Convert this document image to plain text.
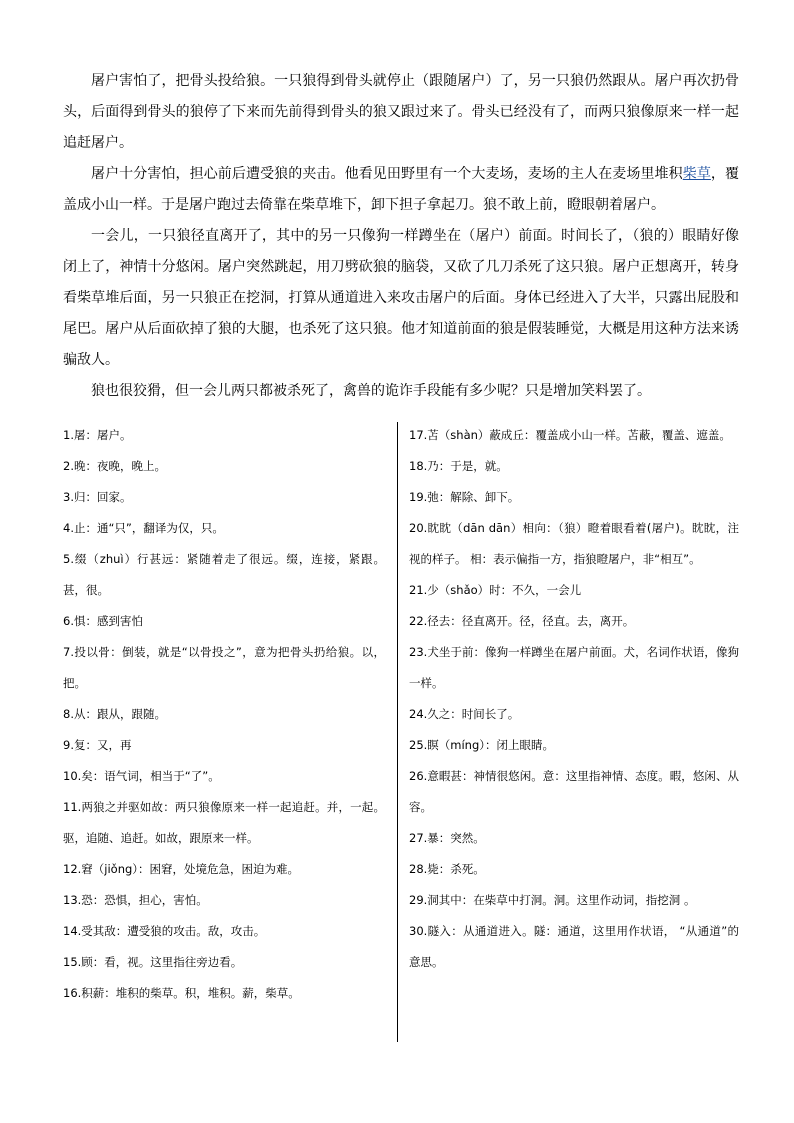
屠户害怕了，把骨头投给狼。一只狼得到骨头就停止（跟随屠户）了，另一只狼仍然跟从。屠户再次扔骨头，后面得到骨头的狼停了下来而先前得到骨头的狼又跟过来了。骨头已经没有了，而两只狼像原来一样一起追赶屠户。

屠户十分害怕，担心前后遭受狼的夹击。他看见田野里有一个大麦场，麦场的主人在麦场里堆积柴草，覆盖成小山一样。于是屠户跑过去倚靠在柴草堆下，卸下担子拿起刀。狼不敢上前，瞪眼朝着屠户。

一会儿，一只狼径直离开了，其中的另一只像狗一样蹲坐在（屠户）前面。时间长了，（狼的）眼睛好像闭上了，神情十分悠闲。屠户突然跳起，用刀劈砍狼的脑袋，又砍了几刀杀死了这只狼。屠户正想离开，转身看柴草堆后面，另一只狼正在挖洞，打算从通道进入来攻击屠户的后面。身体已经进入了大半，只露出屁股和尾巴。屠户从后面砍掉了狼的大腿，也杀死了这只狼。他才知道前面的狼是假装睡觉，大概是用这种方法来诱骗敌人。

狼也很狡猾，但一会儿两只都被杀死了，禽兽的诡诈手段能有多少呢？只是增加笑料罢了。

1.屠：屠户。

2.晚：夜晚，晚上。

3.归：回家。

4.止：通“只”，翻译为仅，只。

5.缀（zhuì）行甚远：紧随着走了很远。缀，连接，紧跟。甚，很。

6.惧：感到害怕

7.投以骨：倒装，就是“以骨投之”，意为把骨头扔给狼。以，把。

8.从：跟从，跟随。

9.复：又，再

10.矣：语气词，相当于“了”。

11.两狼之并驱如故：两只狼像原来一样一起追赶。并，一起。驱，追随、追赶。如故，跟原来一样。

12.窘（jiǒng）：困窘，处境危急，困迫为难。

13.恐：恐惧，担心，害怕。

14.受其敌：遭受狼的攻击。敌，攻击。

15.顾：看，视。这里指往旁边看。

16.积薪：堆积的柴草。积，堆积。薪，柴草。

17.苫（shàn）蔽成丘：覆盖成小山一样。苫蔽，覆盖、遮盖。

18.乃：于是，就。

19.弛：解除、卸下。

20.眈眈（dān dān）相向：（狼）瞪着眼看着(屠户)。眈眈，注视的样子。 相：表示偏指一方，指狼瞪屠户，非“相互”。

21.少（shǎo）时：不久，一会儿

22.径去：径直离开。径，径直。去，离开。

23.犬坐于前：像狗一样蹲坐在屠户前面。犬，名词作状语，像狗一样。

24.久之：时间长了。

25.瞑（míng）：闭上眼睛。

26.意暇甚：神情很悠闲。意：这里指神情、态度。暇，悠闲、从容。

27.暴：突然。

28.毙：杀死。

29.洞其中：在柴草中打洞。洞。这里作动词，指挖洞 。

30.隧入：从通道进入。隧：通道，这里用作状语， “从通道”的意思。
